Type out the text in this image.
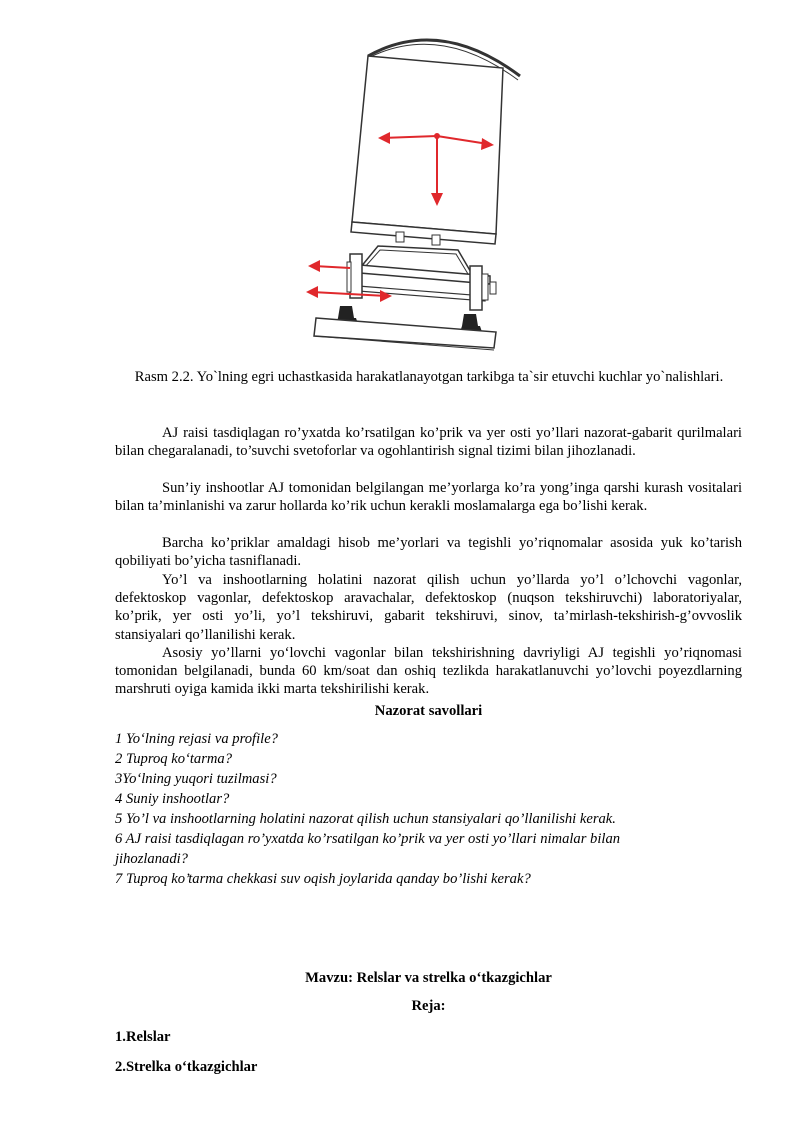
Rasm 2.2. Yo`lning egri uchastkasida harakatlanayotgan tarkibga ta`sir etuvchi kuchlar yo`nalishlari.

AJ raisi tasdiqlagan ro’yxatda ko’rsatilgan ko’prik va yer osti yo’llari nazorat-gabarit qurilmalari bilan chegaralanadi, to’suvchi svetoforlar va ogohlantirish signal tizimi bilan jihozlanadi.

Sun’iy inshootlar AJ tomonidan belgilangan me’yorlarga ko’ra yong’inga qarshi kurash vositalari bilan ta’minlanishi va zarur hollarda ko’rik uchun kerakli moslamalarga ega bo’lishi kerak.

Barcha ko’priklar amaldagi hisob me’yorlari va tegishli yo’riqnomalar asosida yuk ko’tarish qobiliyati bo’yicha tasniflanadi.

Yo’l va inshootlarning holatini nazorat qilish uchun yo’llarda yo’l o’lchovchi vagonlar, defektoskop vagonlar, defektoskop aravachalar, defektoskop (nuqson tekshiruvchi) laboratoriyalar, ko’prik, yer osti yo’li, yo’l tekshiruvi, gabarit tekshiruvi, sinov, ta’mirlash-tekshirish-g’ovvoslik stansiyalari qo’llanilishi kerak.

Asosiy yo’llarni yo‘lovchi vagonlar bilan tekshirishning davriyligi AJ tegishli yo’riqnomasi tomonidan belgilanadi, bunda 60 km/soat dan oshiq tezlikda harakatlanuvchi yo’lovchi poyezdlarning marshruti oyiga kamida ikki marta tekshirilishi kerak.

Nazorat savollari

1 Yo‘lning rejasi va profile?

2 Tuproq ko‘tarma?

3Yo‘lning yuqori tuzilmasi?

4 Suniy inshootlar?

5 Yo’l va inshootlarning holatini nazorat qilish uchun stansiyalari qo’llanilishi kerak.

6 AJ raisi tasdiqlagan ro’yxatda ko’rsatilgan ko’prik va yer osti yo’llari nimalar bilan jihozlanadi?

7 Tuproq ko’tarma chekkasi suv oqish joylarida qanday bo’lishi kerak?

Mavzu: Relslar va strelka o‘tkazgichlar
Reja:
1.Relslar
2.Strelka o‘tkazgichlar
